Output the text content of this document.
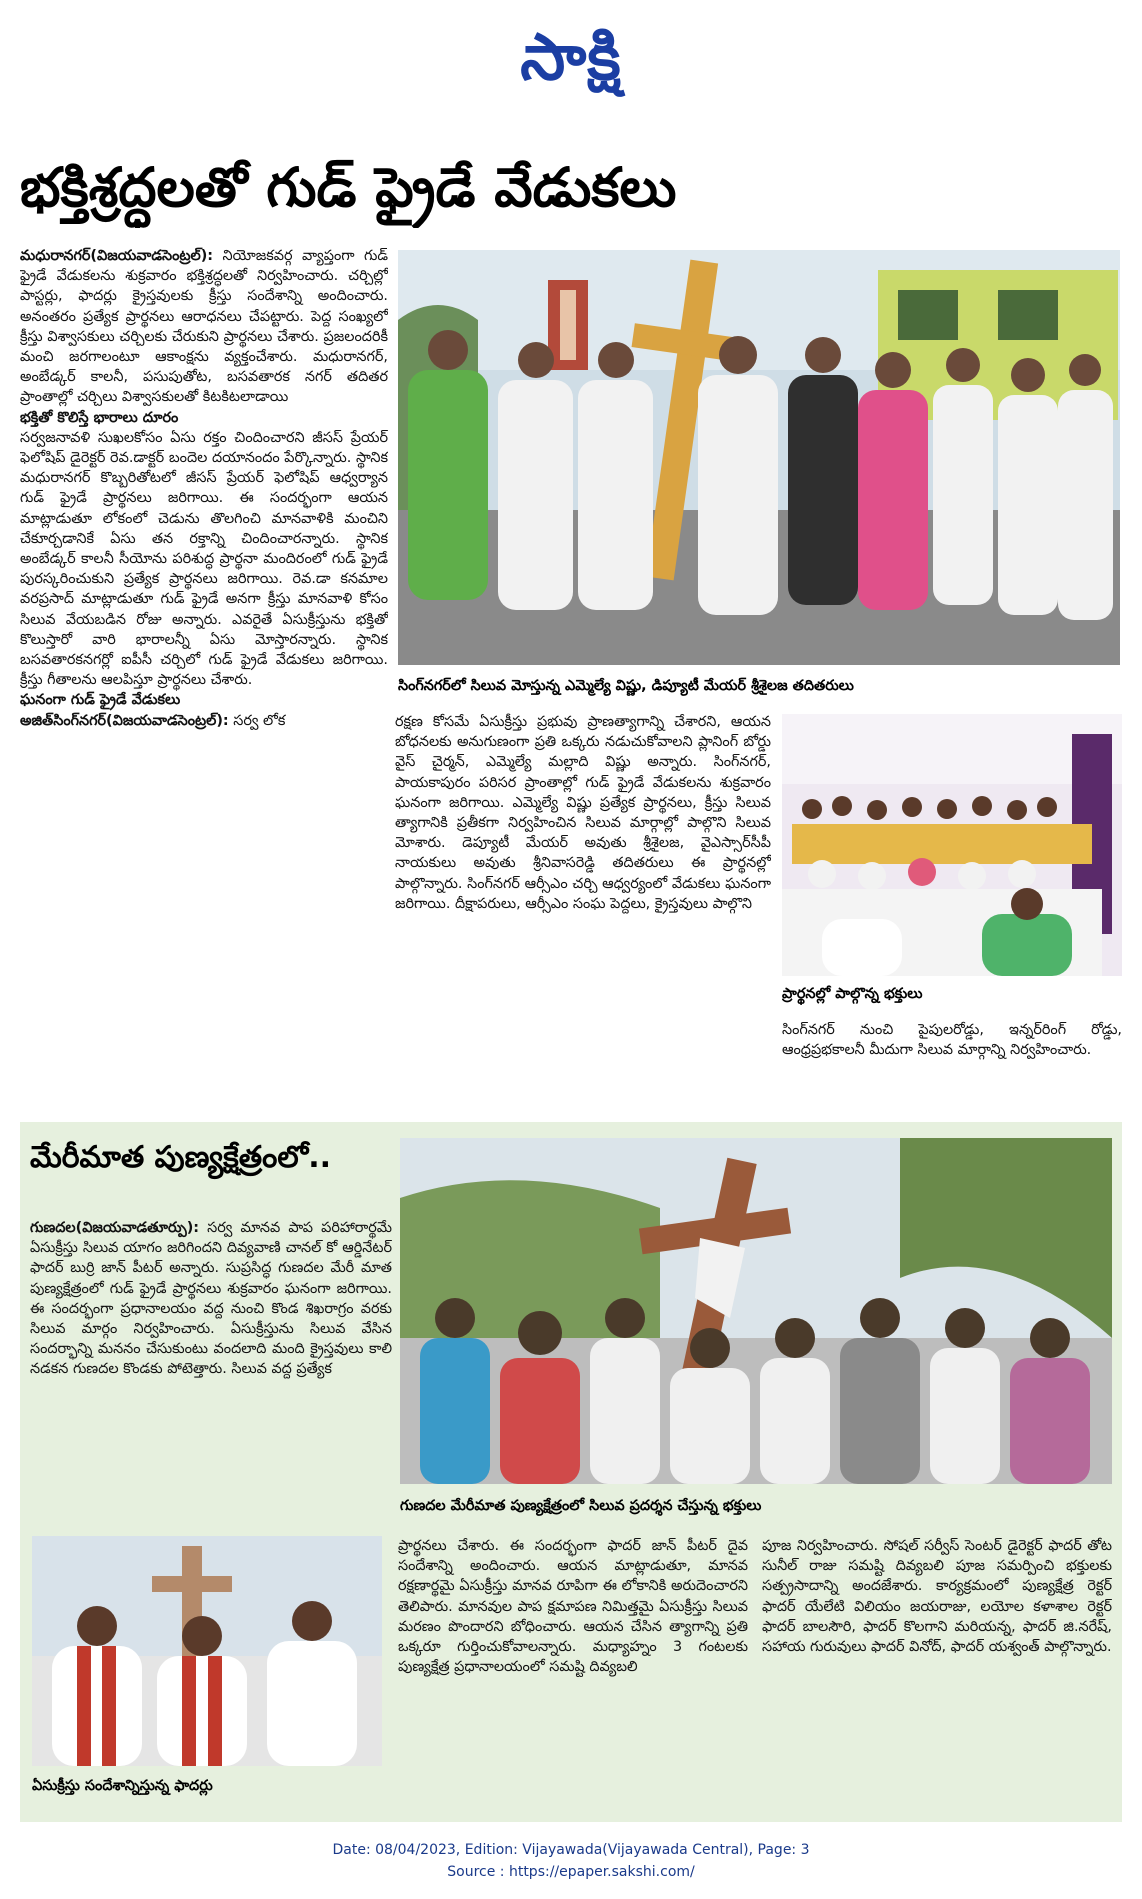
సాక్షి
భక్తిశ్రద్ధలతో గుడ్ ఫ్రైడే వేడుకలు

మధురానగర్(విజయవాడసెంట్రల్): నియోజకవర్గ వ్యాప్తంగా గుడ్ ఫ్రైడే వేడుకలను శుక్రవారం భక్తిశ్రద్ధలతో నిర్వహించారు. చర్చిల్లో పాస్టర్లు, ఫాదర్లు క్రైస్తవులకు క్రీస్తు సందేశాన్ని అందించారు. అనంతరం ప్రత్యేక ప్రార్థనలు ఆరాధనలు చేపట్టారు. పెద్ద సంఖ్యలో క్రీస్తు విశ్వాసకులు చర్చిలకు చేరుకుని ప్రార్థనలు చేశారు. ప్రజలందరికీ మంచి జరగాలంటూ ఆకాంక్షను వ్యక్తంచేశారు. మధురానగర్, అంబేడ్కర్ కాలనీ, పసుపుతోట, బసవతారక నగర్ తదితర ప్రాంతాల్లో చర్చిలు విశ్వాసకులతో కిటకిటలాడాయి

భక్తితో కొలిస్తే భారాలు దూరం

సర్వజనావళి సుఖలకోసం ఏసు రక్తం చిందించారని జీసస్ ప్రేయర్ ఫెలోషిప్ డైరెక్టర్ రెవ.డాక్టర్ బందెల దయానందం పేర్కొన్నారు. స్థానిక మధురానగర్ కొబ్బరితోటలో జీసస్ ప్రేయర్ ఫెలోషిప్ ఆధ్వర్యాన గుడ్ ఫ్రైడే ప్రార్థనలు జరిగాయి. ఈ సందర్భంగా ఆయన మాట్లాడుతూ లోకంలో చెడును తొలగించి మానవాళికి మంచిని చేకూర్చడానికే ఏసు తన రక్తాన్ని చిందించారన్నారు. స్థానిక అంబేడ్కర్ కాలనీ సీయోను పరిశుద్ధ ప్రార్థనా మందిరంలో గుడ్ ఫ్రైడే పురస్కరించుకుని ప్రత్యేక ప్రార్థనలు జరిగాయి. రెవ.డా కనమాల వరప్రసాద్ మాట్లాడుతూ గుడ్ ఫ్రైడే అనగా క్రీస్తు మానవాళి కోసం సిలువ వేయబడిన రోజు అన్నారు. ఎవరైతే ఏసుక్రీస్తును భక్తితో కొలుస్తారో వారి భారాలన్నీ ఏసు మోస్తారన్నారు. స్థానిక బసవతారకనగర్లో ఐపీసీ చర్చిలో గుడ్ ఫ్రైడే వేడుకలు జరిగాయి. క్రీస్తు గీతాలను ఆలపిస్తూ ప్రార్థనలు చేశారు.

ఘనంగా గుడ్ ఫ్రైడే వేడుకలు

అజిత్‌సింగ్‌నగర్(విజయవాడసెంట్రల్): సర్వ లోక

సింగ్‌నగర్‌లో సిలువ మోస్తున్న ఎమ్మెల్యే విష్ణు, డిప్యూటీ మేయర్ శ్రీశైలజ తదితరులు
రక్షణ కోసమే ఏసుక్రీస్తు ప్రభువు ప్రాణత్యాగాన్ని చేశారని, ఆయన బోధనలకు అనుగుణంగా ప్రతి ఒక్కరు నడుచుకోవాలని ప్లానింగ్ బోర్డు వైస్ చైర్మన్, ఎమ్మెల్యే మల్లాది విష్ణు అన్నారు. సింగ్‌నగర్, పాయకాపురం పరిసర ప్రాంతాల్లో గుడ్ ఫ్రైడే వేడుకలను శుక్రవారం ఘనంగా జరిగాయి. ఎమ్మెల్యే విష్ణు ప్రత్యేక ప్రార్థనలు, క్రీస్తు సిలువ త్యాగానికి ప్రతీకగా నిర్వహించిన సిలువ మార్గాల్లో పాల్గొని సిలువ మోశారు. డెప్యూటీ మేయర్ అవుతు శ్రీశైలజ, వైఎస్సార్‌సీపీ నాయకులు అవుతు శ్రీనివాసరెడ్డి తదితరులు ఈ ప్రార్థనల్లో పాల్గొన్నారు. సింగ్‌నగర్ ఆర్సీఎం చర్చి ఆధ్వర్యంలో వేడుకలు ఘనంగా జరిగాయి. దీక్షాపరులు, ఆర్సీఎం సంఘ పెద్దలు, క్రైస్తవులు పాల్గొని
ప్రార్థనల్లో పాల్గొన్న భక్తులు
సింగ్‌నగర్ నుంచి పైపులరోడ్డు, ఇన్నర్‌రింగ్ రోడ్డు, ఆంధ్రప్రభకాలనీ మీదుగా సిలువ మార్గాన్ని నిర్వహించారు.
మేరీమాత పుణ్యక్షేత్రంలో..

గుణదల(విజయవాడతూర్పు): సర్వ మానవ పాప పరిహారార్థమే ఏసుక్రీస్తు సిలువ యాగం జరిగిందని దివ్యవాణి చానల్ కో ఆర్డినేటర్ ఫాదర్ బుర్రి జాన్ పీటర్ అన్నారు. సుప్రసిద్ధ గుణదల మేరీ మాత పుణ్యక్షేత్రంలో గుడ్ ఫ్రైడే ప్రార్థనలు శుక్రవారం ఘనంగా జరిగాయి. ఈ సందర్భంగా ప్రధానాలయం వద్ద నుంచి కొండ శిఖరాగ్రం వరకు సిలువ మార్గం నిర్వహించారు. ఏసుక్రీస్తును సిలువ వేసిన సందర్భాన్ని మననం చేసుకుంటు వందలాది మంది క్రైస్తవులు కాలి నడకన గుణదల కొండకు పోటెత్తారు. సిలువ వద్ద ప్రత్యేక

గుణదల మేరీమాత పుణ్యక్షేత్రంలో సిలువ ప్రదర్శన చేస్తున్న భక్తులు
ఏసుక్రీస్తు సందేశాన్నిస్తున్న ఫాదర్లు
ప్రార్థనలు చేశారు. ఈ సందర్భంగా ఫాదర్ జాన్ పీటర్ దైవ సందేశాన్ని అందించారు. ఆయన మాట్లాడుతూ, మానవ రక్షణార్థమై ఏసుక్రీస్తు మానవ రూపిగా ఈ లోకానికి అరుదెంచారని తెలిపారు. మానవుల పాప క్షమాపణ నిమిత్తమై ఏసుక్రీస్తు సిలువ మరణం పొందారని బోధించారు. ఆయన చేసిన త్యాగాన్ని ప్రతి ఒక్కరూ గుర్తించుకోవాలన్నారు. మధ్యాహ్నం 3 గంటలకు పుణ్యక్షేత్ర ప్రధానాలయంలో సమష్టి దివ్యబలి
పూజ నిర్వహించారు. సోషల్ సర్వీస్ సెంటర్ డైరెక్టర్ ఫాదర్ తోట సునీల్ రాజు సమష్టి దివ్యబలి పూజ సమర్పించి భక్తులకు సత్ప్రసాదాన్ని అందజేశారు. కార్యక్రమంలో పుణ్యక్షేత్ర రెక్టర్ ఫాదర్ యేలేటి విలియం జయరాజు, లయోల కళాశాల రెక్టర్ ఫాదర్ బాలసౌరి, ఫాదర్ కొలగాని మరియన్న, ఫాదర్ జి.నరేష్, సహాయ గురువులు ఫాదర్ వినోద్, ఫాదర్ యశ్వంత్ పాల్గొన్నారు.
Date: 08/04/2023, Edition: Vijayawada(Vijayawada Central), Page: 3
Source : https://epaper.sakshi.com/
